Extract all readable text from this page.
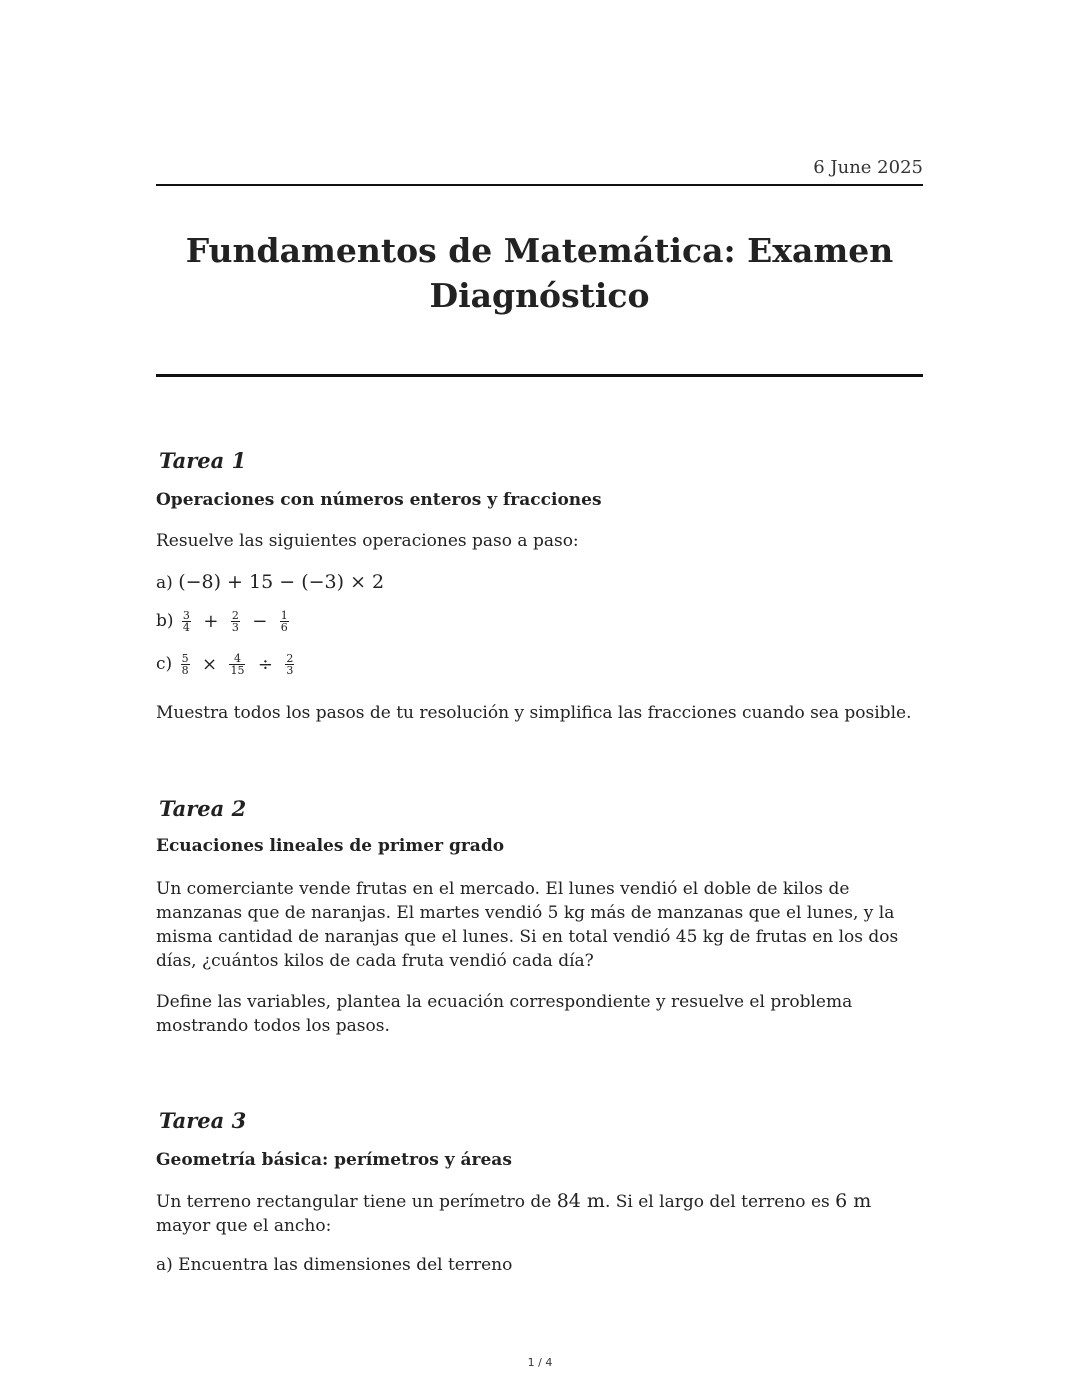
6 June 2025
Fundamentos de Matemática: Examen
Diagnóstico
Tarea 1
Operaciones con números enteros y fracciones
Resuelve las siguientes operaciones paso a paso:
a) (−8) + 15 − (−3) × 2
$b) \frac{3}{4} + \frac{2}{3} - \frac{1}{6}$
$c) \frac{5}{8} \times \frac{4}{15} \div \frac{2}{3}$
Muestra todos los pasos de tu resolución y simplifica las fracciones cuando sea posible.
Tarea 2
Ecuaciones lineales de primer grado
Un comerciante vende frutas en el mercado. El lunes vendió el doble de kilos de manzanas que de naranjas. El martes vendió 5 kg más de manzanas que el lunes, y la misma cantidad de naranjas que el lunes. Si en total vendió 45 kg de frutas en los dos días, ¿cuántos kilos de cada fruta vendió cada día?
Define las variables, plantea la ecuación correspondiente y resuelve el problema mostrando todos los pasos.
Tarea 3
Geometría básica: perímetros y áreas
Un terreno rectangular tiene un perímetro de 84 m. Si el largo del terreno es 6 m mayor que el ancho:
a) Encuentra las dimensiones del terreno
1 / 4
